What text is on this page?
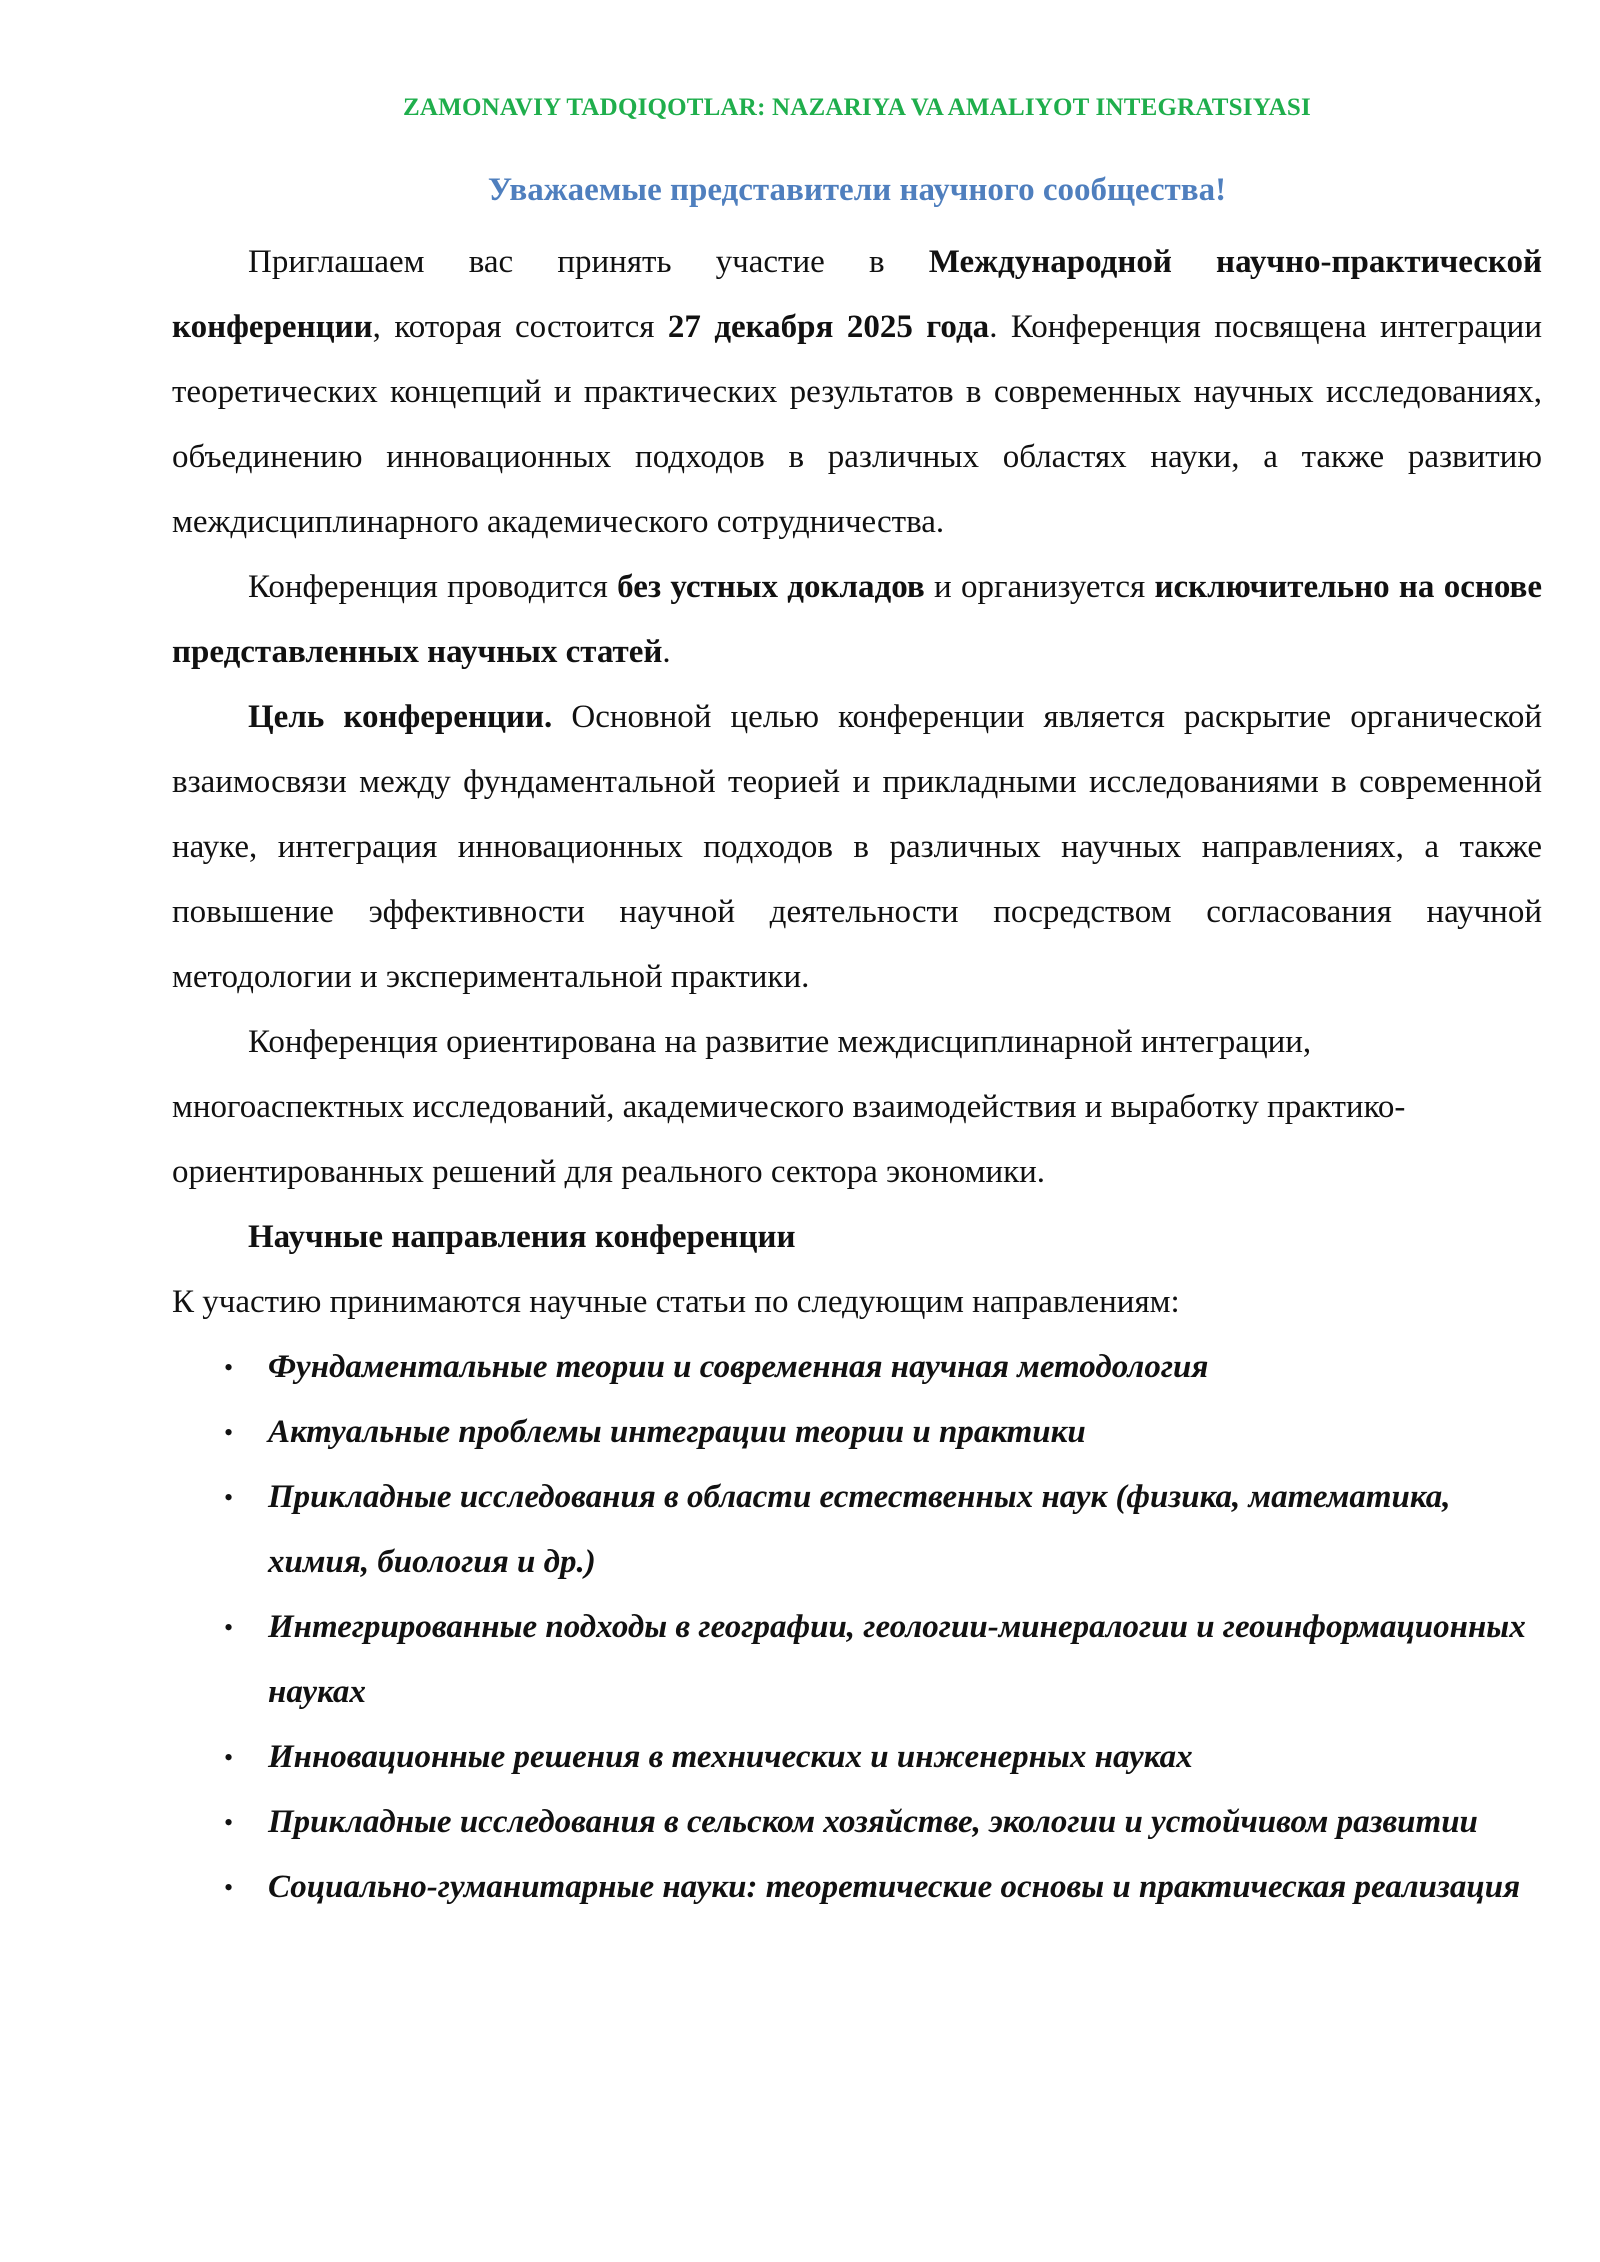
ZAMONAVIY TADQIQOTLAR: NAZARIYA VA AMALIYOT INTEGRATSIYASI
Уважаемые представители научного сообщества!

Приглашаем вас принять участие в Международной научно-практической конференции, которая состоится 27 декабря 2025 года. Конференция посвящена интеграции теоретических концепций и практических результатов в современных научных исследованиях, объединению инновационных подходов в различных областях науки, а также развитию междисциплинарного академического сотрудничества.

Конференция проводится без устных докладов и организуется исключительно на основе представленных научных статей.

Цель конференции. Основной целью конференции является раскрытие органической взаимосвязи между фундаментальной теорией и прикладными исследованиями в современной науке, интеграция инновационных подходов в различных научных направлениях, а также повышение эффективности научной деятельности посредством согласования научной методологии и экспериментальной практики.

Конференция ориентирована на развитие междисциплинарной интеграции, многоаспектных исследований, академического взаимодействия и выработку практико-ориентированных решений для реального сектора экономики.

Научные направления конференции

К участию принимаются научные статьи по следующим направлениям:

• Фундаментальные теории и современная научная методология
• Актуальные проблемы интеграции теории и практики
• Прикладные исследования в области естественных наук (физика, математика, химия, биология и др.)
• Интегрированные подходы в географии, геологии-минералогии и геоинформационных науках
• Инновационные решения в технических и инженерных науках
• Прикладные исследования в сельском хозяйстве, экологии и устойчивом развитии
• Социально-гуманитарные науки: теоретические основы и практическая реализация
